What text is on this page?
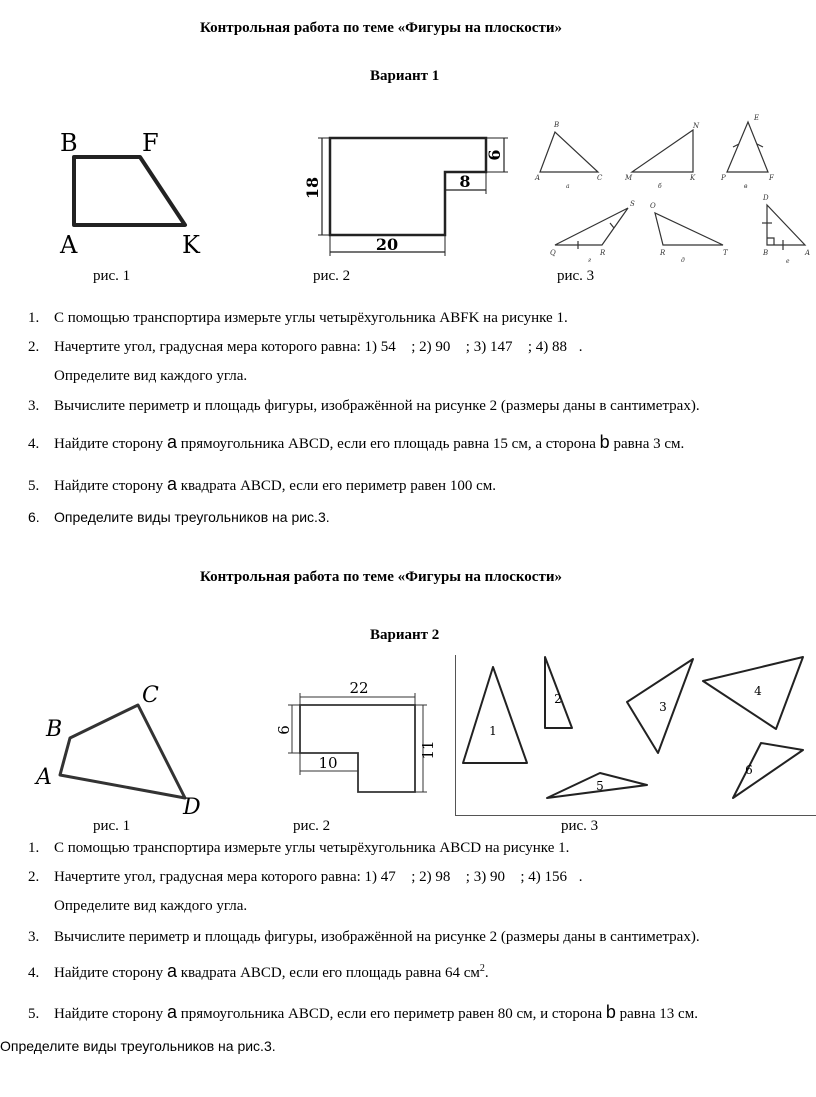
Контрольная работа по теме «Фигуры на плоскости»
Вариант 1
B	F
A	K
рис. 1
18
20
6
8
рис. 2
B
A	C
N
M	K
E
P	F
S
Q	R
O
R	T
D
B	A
а	б	в
г	д	е
рис. 3
1. С помощью транспортира измерьте углы четырёхугольника ABFK на рисунке 1.
2. Начертите угол, градусная мера которого равна: 1) 54 ; 2) 90 ; 3) 147 ; 4) 88 .
Определите вид каждого угла.
3. Вычислите периметр и площадь фигуры, изображённой на рисунке 2 (размеры даны в сантиметрах).
4. Найдите сторону а прямоугольника ABCD, если его площадь равна 15 см, а сторона b равна 3 см.
5. Найдите сторону а квадрата ABCD, если его периметр равен 100 см.
6. Определите виды треугольников на рис.3.
Контрольная работа по теме «Фигуры на плоскости»
Вариант 2
B
C
A
D
рис. 1
22
6
11
10
рис. 2
1
2
3
4
5
6
рис. 3
1. С помощью транспортира измерьте углы четырёхугольника ABCD на рисунке 1.
2. Начертите угол, градусная мера которого равна: 1) 47 ; 2) 98 ; 3) 90 ; 4) 156 .
Определите вид каждого угла.
3. Вычислите периметр и площадь фигуры, изображённой на рисунке 2 (размеры даны в сантиметрах).
4. Найдите сторону а квадрата ABCD, если его площадь равна 64 $см^2$.
5. Найдите сторону а прямоугольника ABCD, если его периметр равен 80 см, и сторона b равна 13 см.
Определите виды треугольников на рис.3.
